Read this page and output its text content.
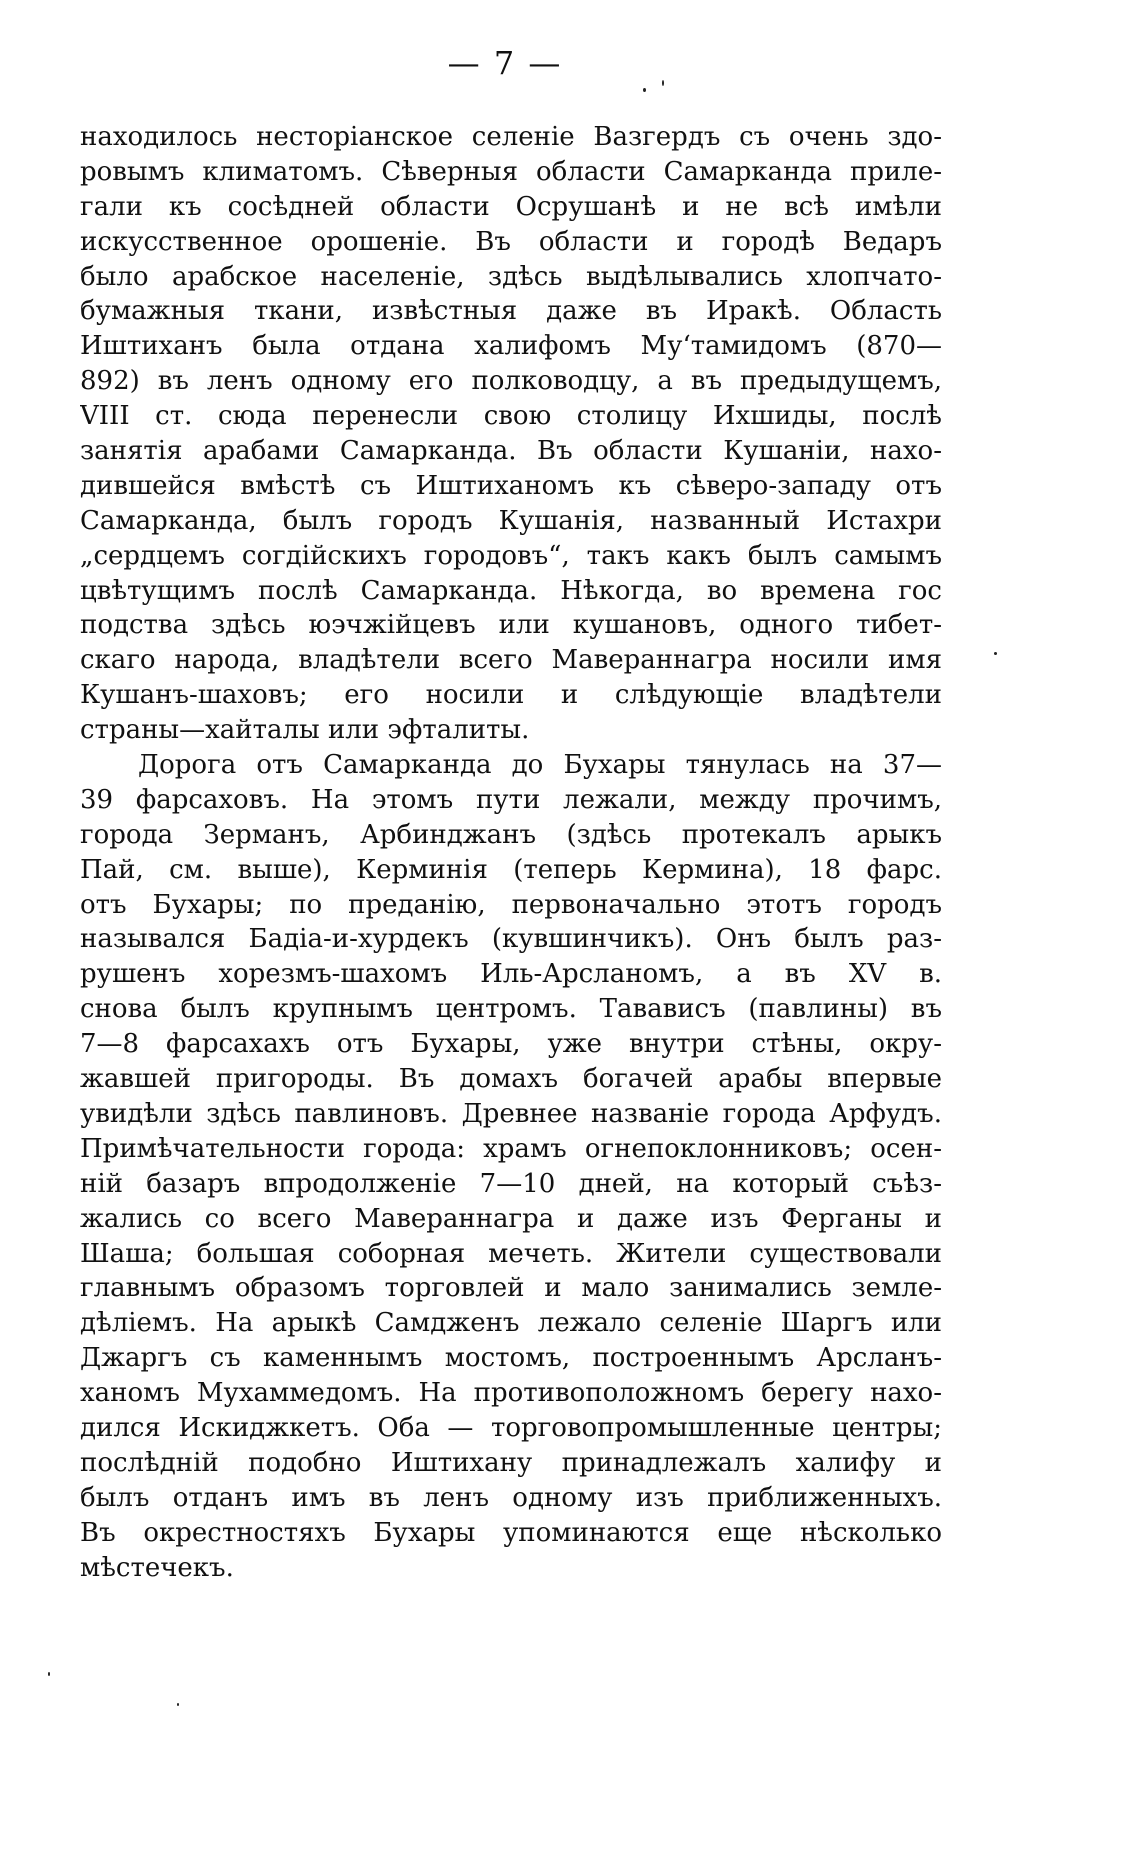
— 7 —
находилось несторіанское селеніе Вазгердъ съ очень здо-
ровымъ климатомъ. Сѣверныя области Самарканда приле-
гали къ сосѣдней области Осрушанѣ и не всѣ имѣли
искусственное орошеніе. Въ области и городѣ Ведаръ
было арабское населеніе, здѣсь выдѣлывались хлопчато-
бумажныя ткани, извѣстныя даже въ Иракѣ. Область
Иштиханъ была отдана халифомъ Муʻтамидомъ (870—
892) въ ленъ одному его полководцу, а въ предыдущемъ,
VIII ст. сюда перенесли свою столицу Ихшиды, послѣ
занятія арабами Самарканда. Въ области Кушаніи, нахо-
дившейся вмѣстѣ съ Иштиханомъ къ сѣверо-западу отъ
Самарканда, былъ городъ Кушанія, названный Истахри
„сердцемъ согдійскихъ городовъ“, такъ какъ былъ самымъ
цвѣтущимъ послѣ Самарканда. Нѣкогда, во времена гос
подства здѣсь юэчжійцевъ или кушановъ, одного тибет-
скаго народа, владѣтели всего Мавераннагра носили имя
Кушанъ-шаховъ; его носили и слѣдующіе владѣтели
страны—хайталы или эфталиты.
Дорога отъ Самарканда до Бухары тянулась на 37—
39 фарсаховъ. На этомъ пути лежали, между прочимъ,
города Зерманъ, Арбинджанъ (здѣсь протекалъ арыкъ
Пай, см. выше), Керминія (теперь Кермина), 18 фарс.
отъ Бухары; по преданію, первоначально этотъ городъ
назывался Бадіа-и-хурдекъ (кувшинчикъ). Онъ былъ раз-
рушенъ хорезмъ-шахомъ Иль-Арсланомъ, а въ XV в.
снова былъ крупнымъ центромъ. Тавависъ (павлины) въ
7—8 фарсахахъ отъ Бухары, уже внутри стѣны, окру-
жавшей пригороды. Въ домахъ богачей арабы впервые
увидѣли здѣсь павлиновъ. Древнее названіе города Арфудъ.
Примѣчательности города: храмъ огнепоклонниковъ; осен-
ній базаръ впродолженіе 7—10 дней, на который съѣз-
жались со всего Мавераннагра и даже изъ Ферганы и
Шаша; большая соборная мечеть. Жители существовали
главнымъ образомъ торговлей и мало занимались земле-
дѣліемъ. На арыкѣ Самдженъ лежало селеніе Шаргъ или
Джаргъ съ каменнымъ мостомъ, построеннымъ Арсланъ-
ханомъ Мухаммедомъ. На противоположномъ берегу нахо-
дился Искиджкетъ. Оба — торговопромышленные центры;
послѣдній подобно Иштихану принадлежалъ халифу и
былъ отданъ имъ въ ленъ одному изъ приближенныхъ.
Въ окрестностяхъ Бухары упоминаются еще нѣсколько
мѣстечекъ.
